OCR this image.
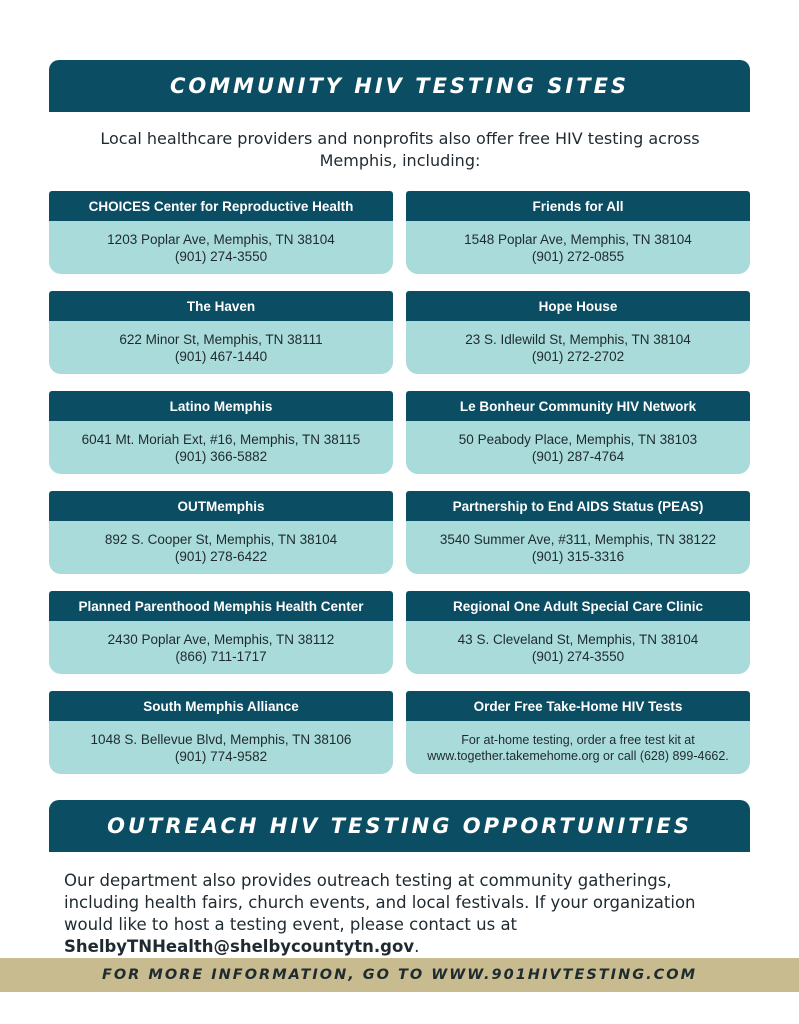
COMMUNITY HIV TESTING SITES
Local healthcare providers and nonprofits also offer free HIV testing across Memphis, including:
CHOICES Center for Reproductive Health
1203 Poplar Ave, Memphis, TN 38104
(901) 274-3550
Friends for All
1548 Poplar Ave, Memphis, TN 38104
(901) 272-0855
The Haven
622 Minor St, Memphis, TN 38111
(901) 467-1440
Hope House
23 S. Idlewild St, Memphis, TN 38104
(901) 272-2702
Latino Memphis
6041 Mt. Moriah Ext, #16, Memphis, TN 38115
(901) 366-5882
Le Bonheur Community HIV Network
50 Peabody Place, Memphis, TN 38103
(901) 287-4764
OUTMemphis
892 S. Cooper St, Memphis, TN 38104
(901) 278-6422
Partnership to End AIDS Status (PEAS)
3540 Summer Ave, #311, Memphis, TN 38122
(901) 315-3316
Planned Parenthood Memphis Health Center
2430 Poplar Ave, Memphis, TN 38112
(866) 711-1717
Regional One Adult Special Care Clinic
43 S. Cleveland St, Memphis, TN 38104
(901) 274-3550
South Memphis Alliance
1048 S. Bellevue Blvd, Memphis, TN 38106
(901) 774-9582
Order Free Take-Home HIV Tests
For at-home testing, order a free test kit at
www.together.takemehome.org or call (628) 899-4662.
OUTREACH HIV TESTING OPPORTUNITIES
Our department also provides outreach testing at community gatherings, including health fairs, church events, and local festivals. If your organization would like to host a testing event, please contact us at ShelbyTNHealth@shelbycountytn.gov.
FOR MORE INFORMATION, GO TO WWW.901HIVTESTING.COM
